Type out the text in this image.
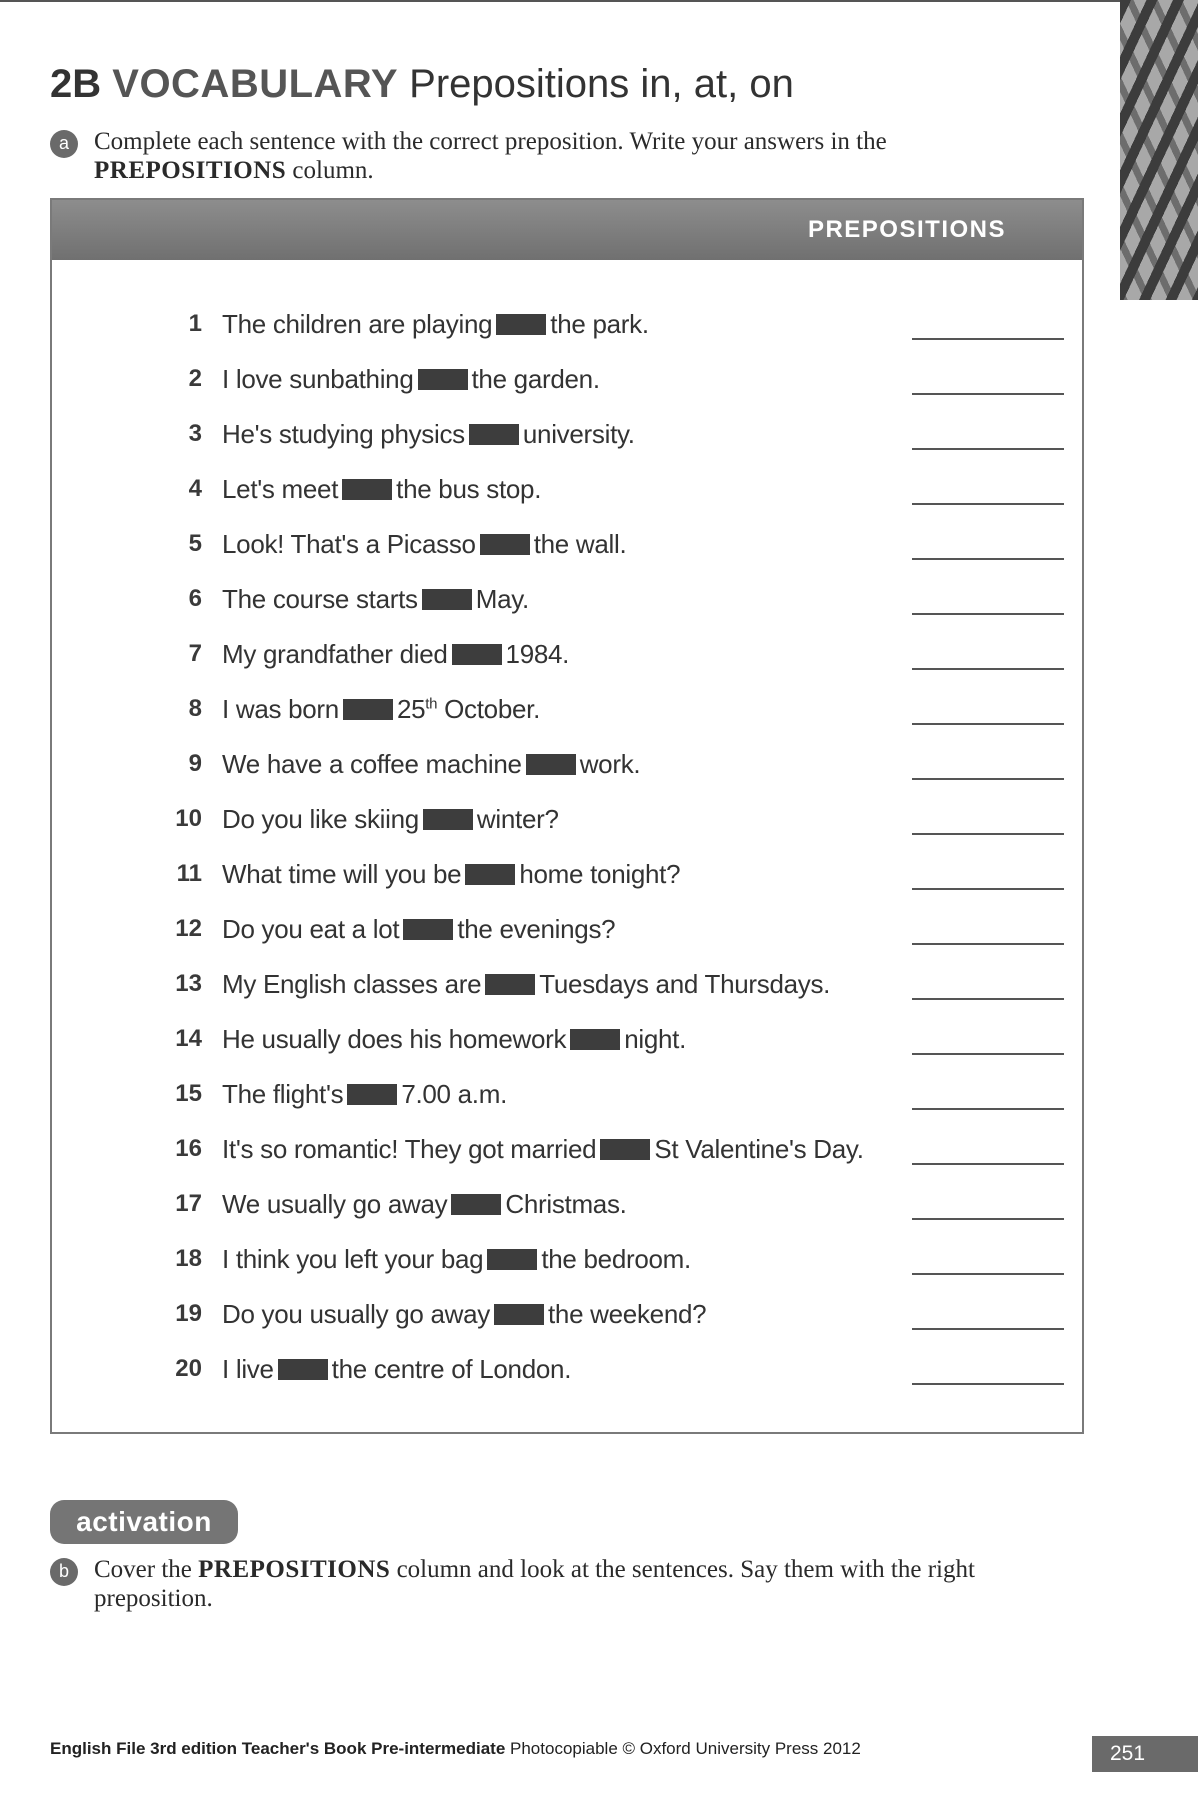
2B VOCABULARY Prepositions in, at, on
a	Complete each sentence with the correct preposition. Write your answers in the
PREPOSITIONS column.
PREPOSITIONS
1 The children are playing the park.
2 I love sunbathing the garden.
3 He's studying physics university.
4 Let's meet the bus stop.
5 Look! That's a Picasso the wall.
6 The course starts May.
7 My grandfather died 1984.
8 I was born 25th October.
9 We have a coffee machine work.
10 Do you like skiing winter?
11 What time will you be home tonight?
12 Do you eat a lot the evenings?
13 My English classes are Tuesdays and Thursdays.
14 He usually does his homework night.
15 The flight's 7.00 a.m.
16 It's so romantic! They got married St Valentine's Day.
17 We usually go away Christmas.
18 I think you left your bag the bedroom.
19 Do you usually go away the weekend?
20 I live the centre of London.
activation
b	Cover the PREPOSITIONS column and look at the sentences. Say them with the right preposition.
English File 3rd edition Teacher's Book Pre-intermediate Photocopiable © Oxford University Press 2012	251
